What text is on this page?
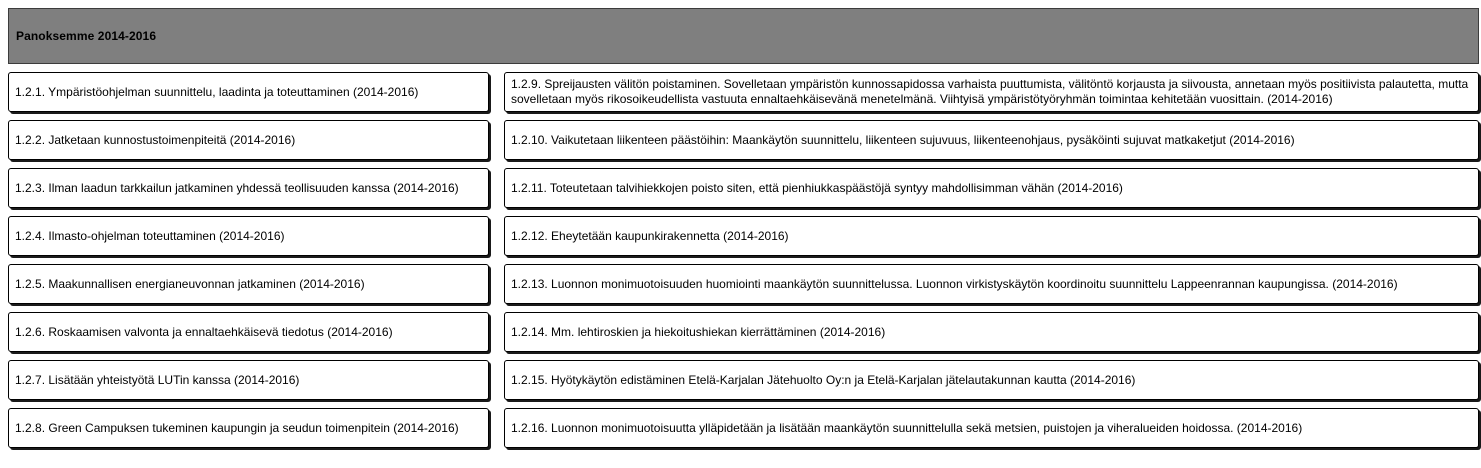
Panoksemme 2014-2016
1.2.1. Ympäristöohjelman suunnittelu, laadinta ja toteuttaminen (2014-2016)
1.2.2. Jatketaan kunnostustoimenpiteitä (2014-2016)
1.2.3. Ilman laadun tarkkailun jatkaminen yhdessä teollisuuden kanssa (2014-2016)
1.2.4. Ilmasto-ohjelman toteuttaminen (2014-2016)
1.2.5. Maakunnallisen energianeuvonnan jatkaminen (2014-2016)
1.2.6. Roskaamisen valvonta ja ennaltaehkäisevä tiedotus (2014-2016)
1.2.7. Lisätään yhteistyötä LUTin kanssa (2014-2016)
1.2.8. Green Campuksen tukeminen kaupungin ja seudun toimenpitein (2014-2016)
1.2.9. Spreijausten välitön poistaminen. Sovelletaan ympäristön kunnossapidossa varhaista puuttumista, välitöntö korjausta ja siivousta, annetaan myös positiivista palautetta, mutta sovelletaan myös rikosoikeudellista vastuuta ennaltaehkäisevänä menetelmänä. Viihtyisä ympäristötyöryhmän toimintaa kehitetään vuosittain. (2014-2016)
1.2.10. Vaikutetaan liikenteen päästöihin: Maankäytön suunnittelu, liikenteen sujuvuus, liikenteenohjaus, pysäköinti sujuvat matkaketjut (2014-2016)
1.2.11. Toteutetaan talvihiekkojen poisto siten, että pienhiukkaspäästöjä syntyy mahdollisimman vähän (2014-2016)
1.2.12. Eheytetään kaupunkirakennetta (2014-2016)
1.2.13. Luonnon monimuotoisuuden huomiointi maankäytön suunnittelussa. Luonnon virkistyskäytön koordinoitu suunnittelu Lappeenrannan kaupungissa. (2014-2016)
1.2.14. Mm. lehtiroskien ja hiekoitushiekan kierrättäminen (2014-2016)
1.2.15. Hyötykäytön edistäminen Etelä-Karjalan Jätehuolto Oy:n ja Etelä-Karjalan jätelautakunnan kautta (2014-2016)
1.2.16. Luonnon monimuotoisuutta ylläpidetään ja lisätään maankäytön suunnittelulla sekä metsien, puistojen ja viheralueiden hoidossa. (2014-2016)
